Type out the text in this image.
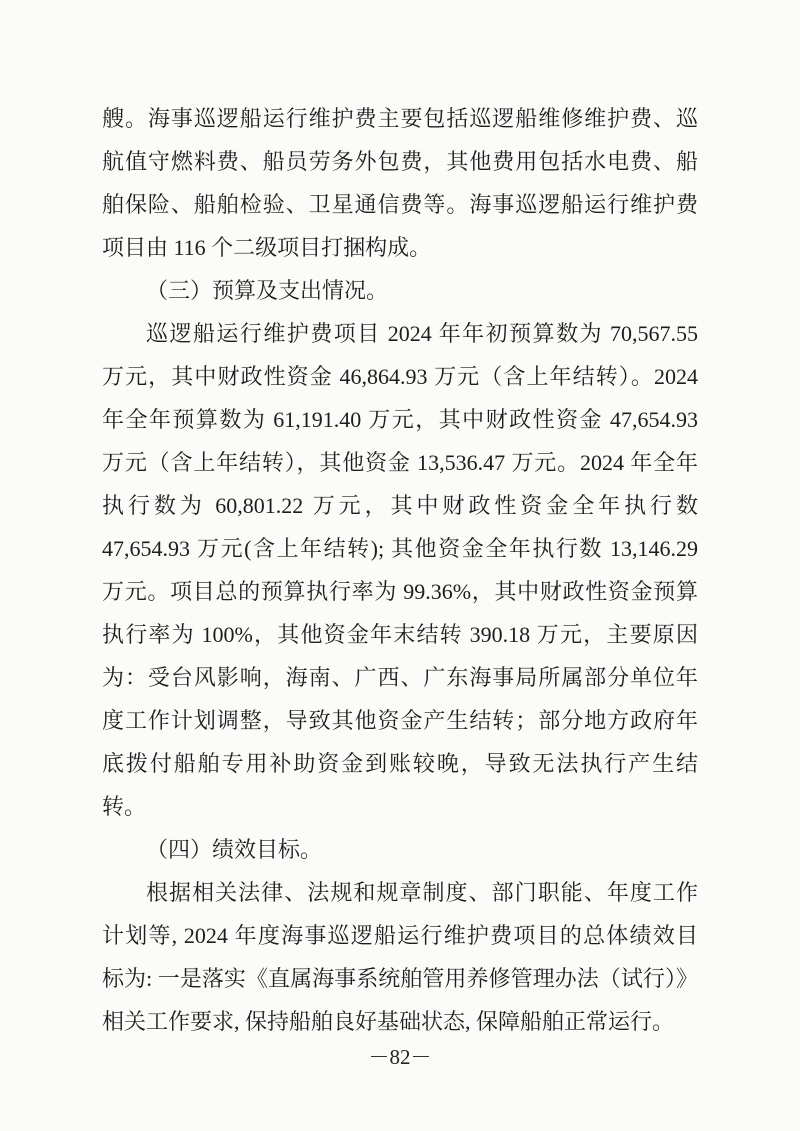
艘。海事巡逻船运行维护费主要包括巡逻船维修维护费、巡
航值守燃料费、船员劳务外包费，其他费用包括水电费、船
舶保险、船舶检验、卫星通信费等。海事巡逻船运行维护费
项目由 116 个二级项目打捆构成。
（三）预算及支出情况。
巡逻船运行维护费项目 2024 年年初预算数为 70,567.55
万元，其中财政性资金 46,864.93 万元（含上年结转）。2024
年全年预算数为 61,191.40 万元，其中财政性资金 47,654.93
万元（含上年结转），其他资金 13,536.47 万元。2024 年全年
执行数为 60,801.22 万元，其中财政性资金全年执行数
47,654.93 万元(含上年结转); 其他资金全年执行数 13,146.29
万元。项目总的预算执行率为 99.36%，其中财政性资金预算
执行率为 100%，其他资金年末结转 390.18 万元，主要原因
为：受台风影响，海南、广西、广东海事局所属部分单位年
度工作计划调整，导致其他资金产生结转；部分地方政府年
底拨付船舶专用补助资金到账较晚，导致无法执行产生结
转。
（四）绩效目标。
根据相关法律、法规和规章制度、部门职能、年度工作
计划等, 2024 年度海事巡逻船运行维护费项目的总体绩效目
标为: 一是落实《直属海事系统舶管用养修管理办法（试行）》
相关工作要求, 保持船舶良好基础状态, 保障船舶正常运行。
－82－
